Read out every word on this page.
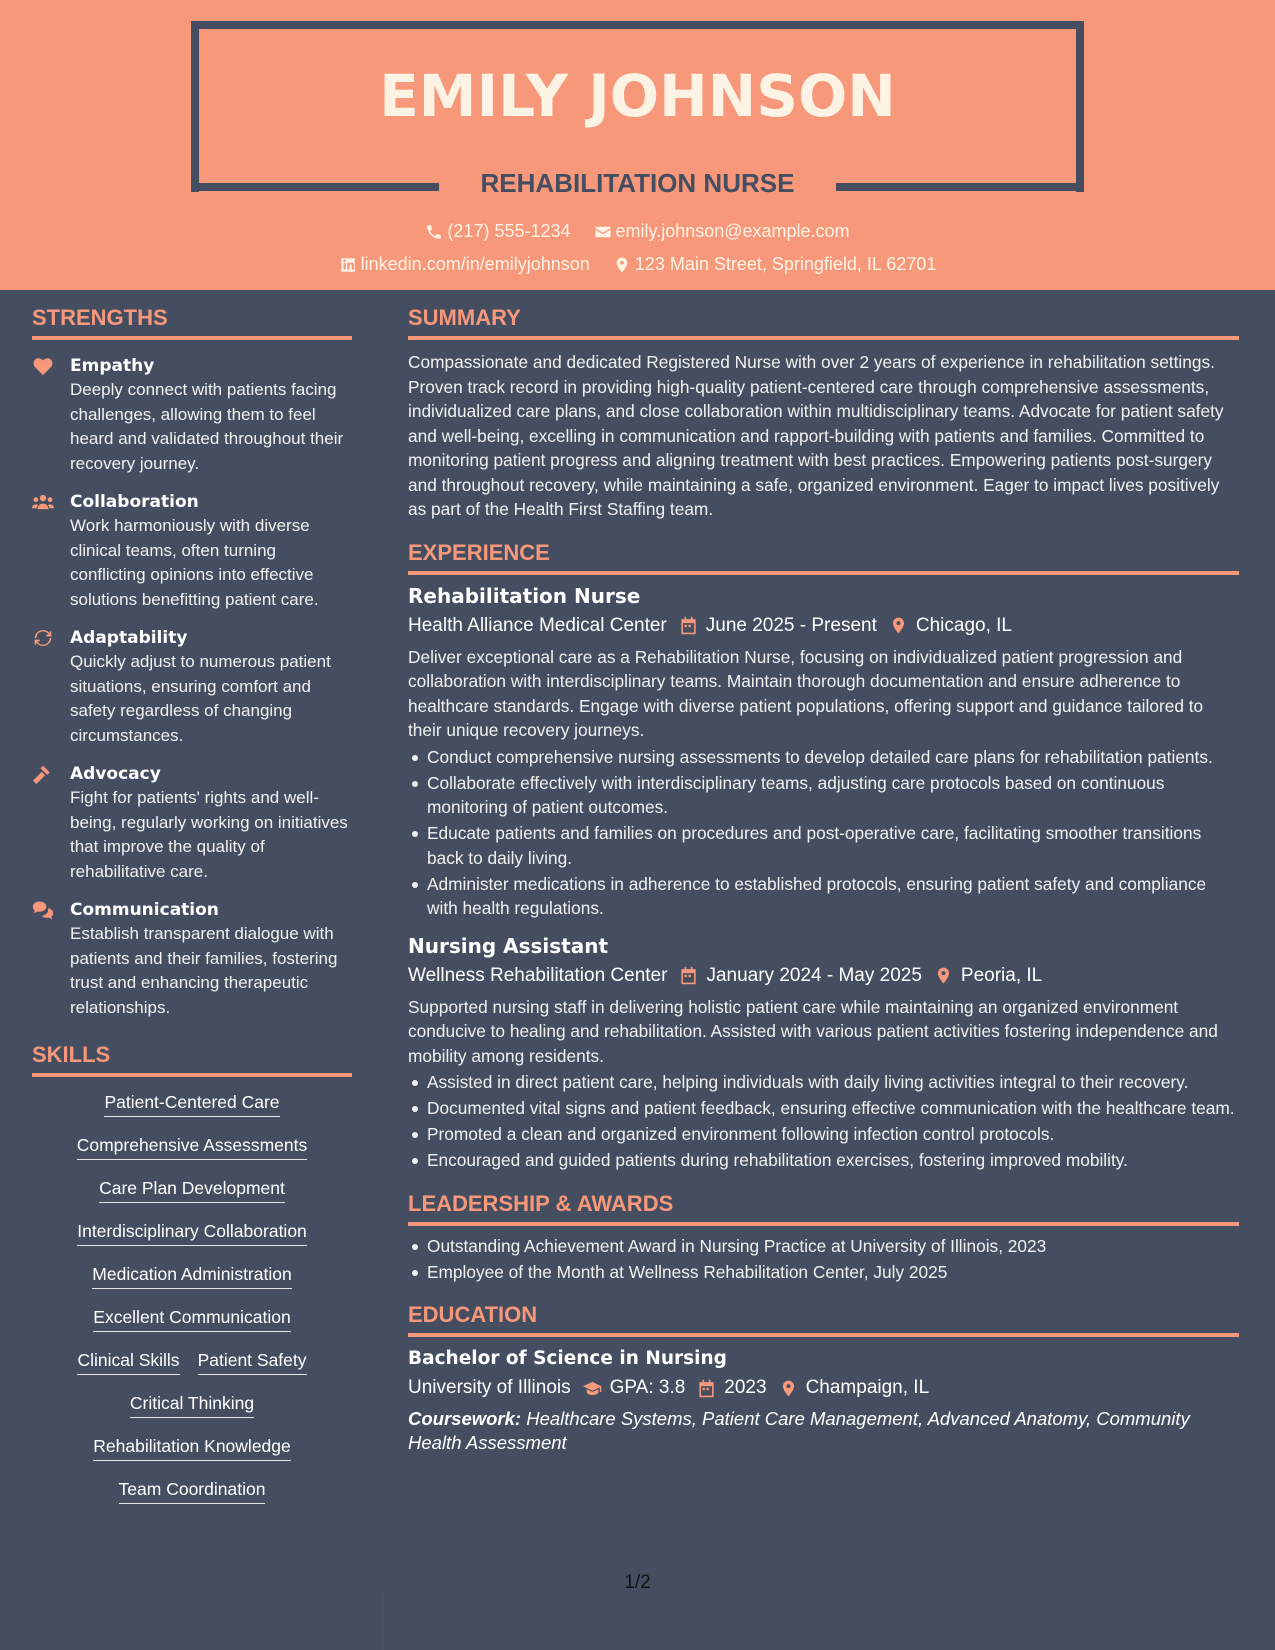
EMILY JOHNSON
REHABILITATION NURSE
(217) 555-1234
	emily.johnson@example.com
linkedin.com/in/emilyjohnson
	123 Main Street, Springfield, IL 62701
STRENGTHS
Empathy
Deeply connect with patients facing challenges, allowing them to feel heard and validated throughout their recovery journey.
Collaboration
Work harmoniously with diverse clinical teams, often turning conflicting opinions into effective solutions benefitting patient care.
Adaptability
Quickly adjust to numerous patient situations, ensuring comfort and safety regardless of changing circumstances.
Advocacy
Fight for patients' rights and well-being, regularly working on initiatives that improve the quality of rehabilitative care.
Communication
Establish transparent dialogue with patients and their families, fostering trust and enhancing therapeutic relationships.
SKILLS
Patient-Centered Care
Comprehensive Assessments
Care Plan Development
Interdisciplinary Collaboration
Medication Administration
Excellent Communication
Clinical Skills Patient Safety
Critical Thinking
Rehabilitation Knowledge
Team Coordination
SUMMARY
Compassionate and dedicated Registered Nurse with over 2 years of experience in rehabilitation settings. Proven track record in providing high-quality patient-centered care through comprehensive assessments, individualized care plans, and close collaboration within multidisciplinary teams. Advocate for patient safety and well-being, excelling in communication and rapport-building with patients and families. Committed to monitoring patient progress and aligning treatment with best practices. Empowering patients post-surgery and throughout recovery, while maintaining a safe, organized environment. Eager to impact lives positively as part of the Health First Staffing team.
EXPERIENCE
Rehabilitation Nurse
Health Alliance Medical Center June 2025 - Present Chicago, IL
Deliver exceptional care as a Rehabilitation Nurse, focusing on individualized patient progression and collaboration with interdisciplinary teams. Maintain thorough documentation and ensure adherence to healthcare standards. Engage with diverse patient populations, offering support and guidance tailored to their unique recovery journeys.
Conduct comprehensive nursing assessments to develop detailed care plans for rehabilitation patients.
Collaborate effectively with interdisciplinary teams, adjusting care protocols based on continuous monitoring of patient outcomes.
Educate patients and families on procedures and post-operative care, facilitating smoother transitions back to daily living.
Administer medications in adherence to established protocols, ensuring patient safety and compliance with health regulations.
Nursing Assistant
Wellness Rehabilitation Center January 2024 - May 2025 Peoria, IL
Supported nursing staff in delivering holistic patient care while maintaining an organized environment conducive to healing and rehabilitation. Assisted with various patient activities fostering independence and mobility among residents.
Assisted in direct patient care, helping individuals with daily living activities integral to their recovery.
Documented vital signs and patient feedback, ensuring effective communication with the healthcare team.
Promoted a clean and organized environment following infection control protocols.
Encouraged and guided patients during rehabilitation exercises, fostering improved mobility.
LEADERSHIP & AWARDS
Outstanding Achievement Award in Nursing Practice at University of Illinois, 2023
Employee of the Month at Wellness Rehabilitation Center, July 2025
EDUCATION
Bachelor of Science in Nursing
University of Illinois GPA: 3.8 2023 Champaign, IL
Coursework: Healthcare Systems, Patient Care Management, Advanced Anatomy, Community Health Assessment
1/2
